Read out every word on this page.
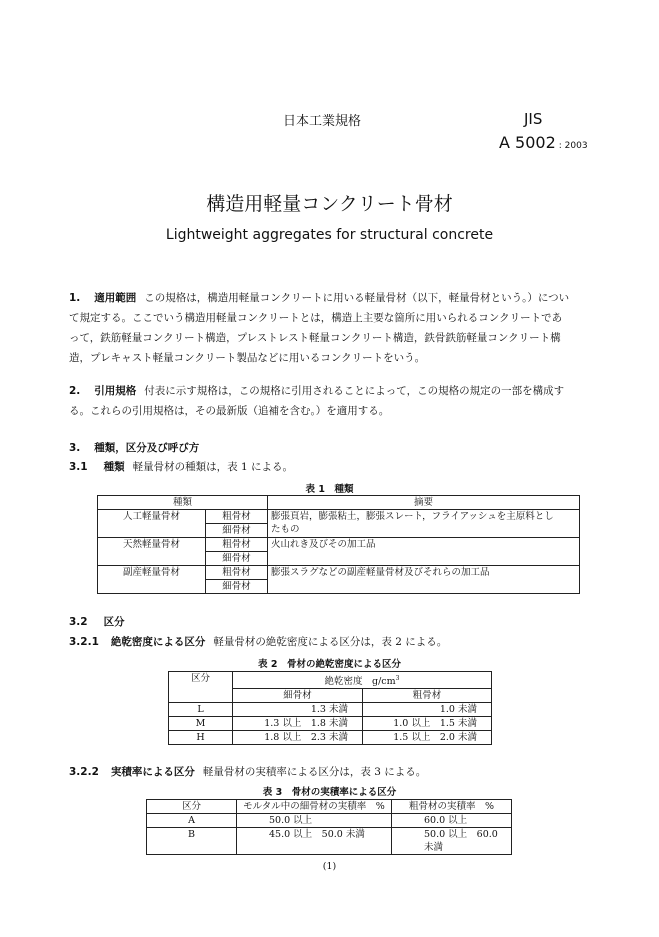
日本工業規格	JIS
A 5002 : 2003
構造用軽量コンクリート骨材
Lightweight aggregates for structural concrete
1. 適用範囲 この規格は，構造用軽量コンクリートに用いる軽量骨材（以下，軽量骨材という。）につい
て規定する。ここでいう構造用軽量コンクリートとは，構造上主要な箇所に用いられるコンクリートであ
って，鉄筋軽量コンクリート構造，プレストレスト軽量コンクリート構造，鉄骨鉄筋軽量コンクリート構
造，プレキャスト軽量コンクリート製品などに用いるコンクリートをいう。
2. 引用規格 付表に示す規格は，この規格に引用されることによって，この規格の規定の一部を構成す
る。これらの引用規格は，その最新版（追補を含む。）を適用する。
3. 種類，区分及び呼び方
3.1 種類 軽量骨材の種類は，表 1 による。
表 1　種類
種類		摘要
人工軽量骨材	粗骨材	膨張頁岩，膨張粘土，膨張スレート，フライアッシュを主原料とし
たもの

	細骨材	
天然軽量骨材	粗骨材	火山れき及びその加工品
	細骨材	
副産軽量骨材	粗骨材	膨張スラグなどの副産軽量骨材及びそれらの加工品
	細骨材	
3.2 区分
3.2.1 絶乾密度による区分 軽量骨材の絶乾密度による区分は，表 2 による。
表 2　骨材の絶乾密度による区分
区分	絶乾密度　$g/cm^3$
	細骨材	粗骨材
L	1.3 未満	1.0 未満
M	1.3 以上　1.8 未満	1.0 以上　1.5 未満
H	1.8 以上　2.3 未満	1.5 以上　2.0 未満
3.2.2 実積率による区分 軽量骨材の実積率による区分は，表 3 による。
表 3　骨材の実積率による区分
区分	モルタル中の細骨材の実積率　%	粗骨材の実積率　%
A	50.0 以上	60.0 以上
B	45.0 以上　50.0 未満	50.0 以上　60.0 未満
(1)
